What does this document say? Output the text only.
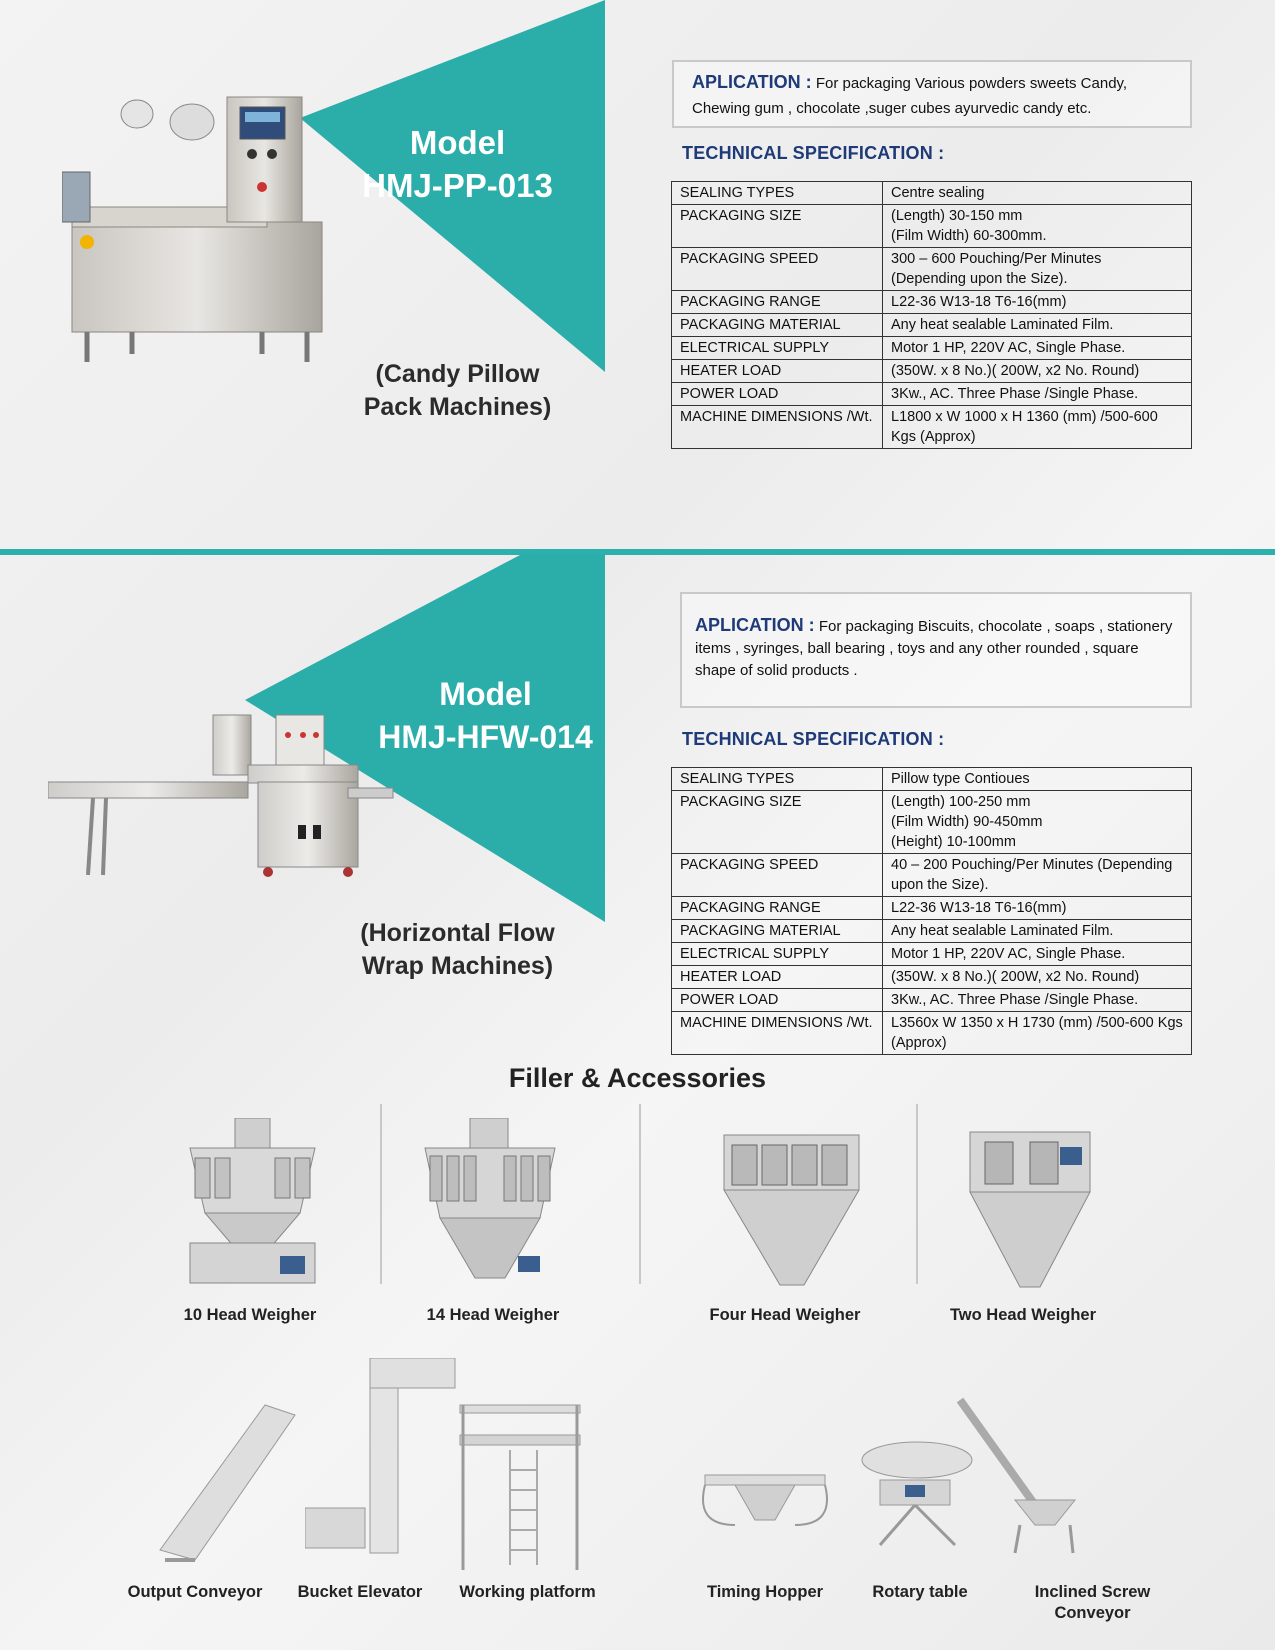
Model
HMJ-PP-013
(Candy Pillow
Pack Machines)
APLICATION : For packaging Various powders sweets Candy, Chewing gum , chocolate ,suger cubes ayurvedic candy etc.
TECHNICAL SPECIFICATION :
SEALING TYPES	Centre sealing
PACKAGING SIZE	(Length) 30-150 mm
(Film Width) 60-300mm.
PACKAGING SPEED	300 – 600 Pouching/Per Minutes
(Depending upon the Size).
PACKAGING RANGE	L22-36 W13-18 T6-16(mm)
PACKAGING MATERIAL	Any heat sealable Laminated Film.
ELECTRICAL SUPPLY	Motor 1 HP, 220V AC, Single Phase.
HEATER LOAD	(350W. x 8 No.)( 200W, x2 No. Round)
POWER LOAD	3Kw., AC. Three Phase /Single Phase.
MACHINE DIMENSIONS /Wt.	L1800 x W 1000 x H 1360 (mm) /500-600 Kgs (Approx)
Model
HMJ-HFW-014
(Horizontal Flow
Wrap Machines)
APLICATION : For packaging Biscuits, chocolate , soaps , stationery items , syringes, ball bearing , toys and any other rounded , square shape of solid products .
TECHNICAL SPECIFICATION :
SEALING TYPES	Pillow type Contioues
PACKAGING SIZE	(Length) 100-250 mm
(Film Width) 90-450mm
(Height) 10-100mm
PACKAGING SPEED	40 – 200 Pouching/Per Minutes (Depending upon the Size).
PACKAGING RANGE	L22-36 W13-18 T6-16(mm)
PACKAGING MATERIAL	Any heat sealable Laminated Film.
ELECTRICAL SUPPLY	Motor 1 HP, 220V AC, Single Phase.
HEATER LOAD	(350W. x 8 No.)( 200W, x2 No. Round)
POWER LOAD	3Kw., AC. Three Phase /Single Phase.
MACHINE DIMENSIONS /Wt.	L3560x W 1350 x H 1730 (mm) /500-600 Kgs (Approx)
Filler & Accessories
10 Head Weigher	14 Head Weigher	Four Head Weigher	Two Head Weigher
Output Conveyor	Bucket Elevator	Working platform	Timing Hopper	Rotary table	Inclined Screw Conveyor
